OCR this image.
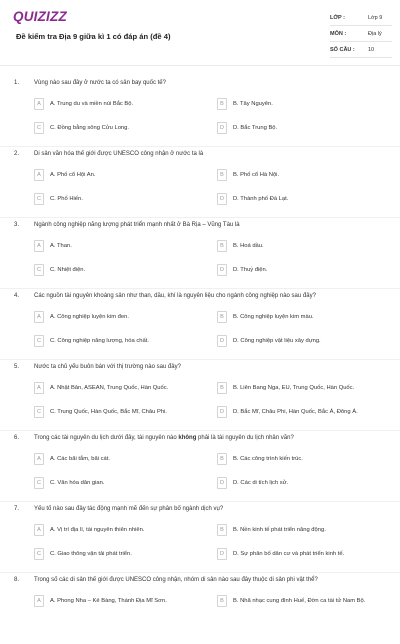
QUIZIZZ
Đề kiểm tra Địa 9 giữa kì 1 có đáp án (đề 4)
LỚP :	Lớp 9
MÔN :	Địa lý
SỐ CÂU : 10
1.	Vùng nào sau đây ở nước ta có sân bay quốc tế?
A	A. Trung du và miền núi Bắc Bộ.	B	B. Tây Nguyên.
C	C. Đồng bằng sông Cửu Long.	D	D. Bắc Trung Bộ.
2.	Di sản văn hóa thế giới được UNESCO công nhận ở nước ta là
A	A. Phố cổ Hội An.	B	B. Phố cổ Hà Nội.
C	C. Phố Hiến.	D	D. Thành phố Đà Lạt.
3.	Ngành công nghiệp năng lượng phát triển mạnh nhất ở Bà Rịa – Vũng Tàu là
A	A. Than.	B	B. Hoá dầu.
C	C. Nhiệt điện.	D	D. Thuỷ điện.
4.	Các nguồn tài nguyên khoáng sản như than, dầu, khí là nguyên liệu cho ngành công nghiệp nào sau đây?
A	A. Công nghiệp luyện kim đen.	B	B. Công nghiệp luyện kim màu.
C	C. Công nghiệp năng lượng, hóa chất.	D	D. Công nghiệp vật liệu xây dựng.
5.	Nước ta chủ yếu buôn bán với thị trường nào sau đây?
A	A. Nhật Bản, ASEAN, Trung Quốc, Hàn Quốc.	B	B. Liên Bang Nga, EU, Trung Quốc, Hàn Quốc.
C	C. Trung Quốc, Hàn Quốc, Bắc Mĩ, Châu Phi.	D	D. Bắc Mĩ, Châu Phi, Hàn Quốc, Bắc Á, Đông Á.
6.	Trong các tài nguyên du lịch dưới đây, tài nguyên nào không phải là tài nguyên du lịch nhân văn?
A	A. Các bãi tắm, bãi cát.	B	B. Các công trình kiến trúc.
C	C. Văn hóa dân gian.	D	D. Các di tích lịch sử.
7.	Yếu tố nào sau đây tác động mạnh mẽ đến sự phân bố ngành dịch vụ?
A	A. Vị trí địa lí, tài nguyên thiên nhiên.	B	B. Nền kinh tế phát triển năng động.
C	C. Giao thông vận tải phát triển.	D	D. Sự phân bố dân cư và phát triển kinh tế.
8.	Trong số các di sản thế giới được UNESCO công nhận, nhóm di sản nào sau đây thuộc di sản phi vật thể?
A	A. Phong Nha – Kẻ Bàng, Thánh Địa Mĩ Sơn.	B	B. Nhã nhạc cung đình Huế, Đờn ca tài tử Nam Bộ.
